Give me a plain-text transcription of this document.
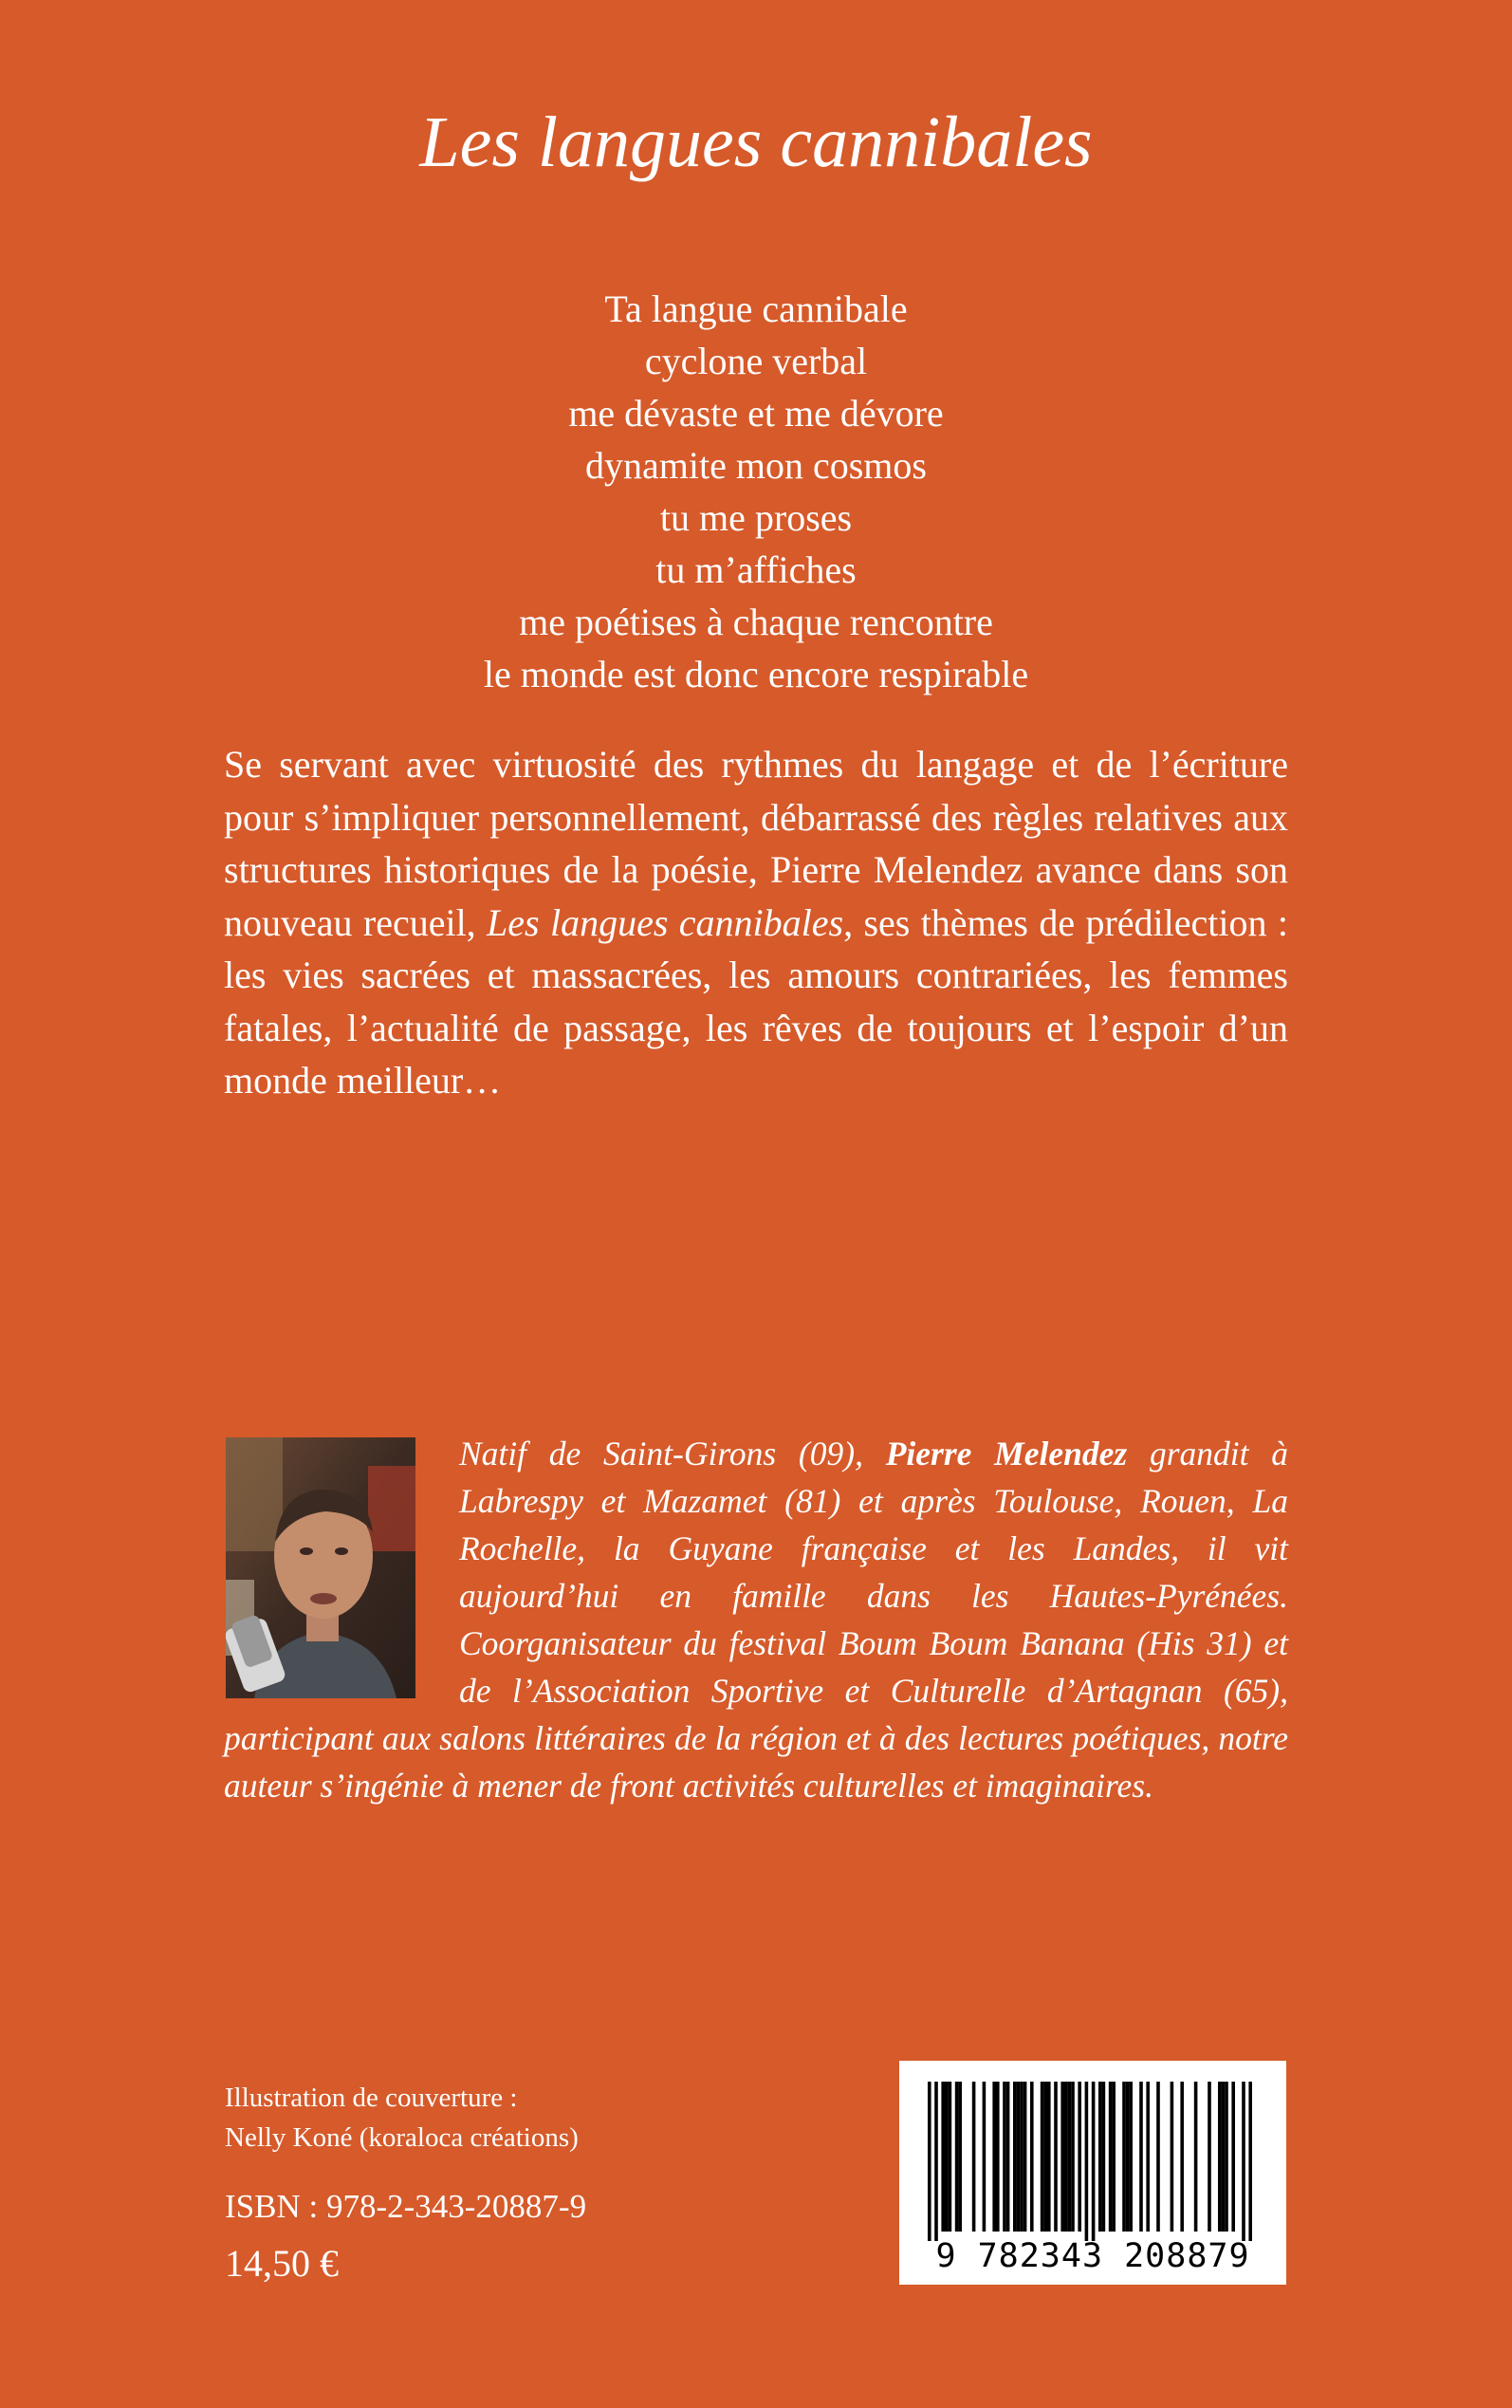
Les langues cannibales
Ta langue cannibale
cyclone verbal
me dévaste et me dévore
dynamite mon cosmos
tu me proses
tu m’affiches
me poétises à chaque rencontre
le monde est donc encore respirable

Se servant avec virtuosité des rythmes du langage et de l’écriture pour s’impliquer personnellement, débarrassé des règles relatives aux structures historiques de la poésie, Pierre Melendez avance dans son nouveau recueil, Les langues cannibales, ses thèmes de prédilection : les vies sacrées et massacrées, les amours contrariées, les femmes fatales, l’actualité de passage, les rêves de toujours et l’espoir d’un monde meilleur…

Natif de Saint-Girons (09), Pierre Melendez grandit à Labrespy et Mazamet (81) et après Toulouse, Rouen, La Rochelle, la Guyane française et les Landes, il vit aujourd’hui en famille dans les Hautes-Pyrénées. Coorganisateur du festival Boum Boum Banana (His 31) et de l’Association Sportive et Culturelle d’Artagnan (65), participant aux salons littéraires de la région et à des lectures poétiques, notre auteur s’ingénie à mener de front activités culturelles et imaginaires.

Illustration de couverture :
Nelly Koné (koraloca créations)
ISBN : 978-2-343-20887-9
14,50 €	9 782343 208879
